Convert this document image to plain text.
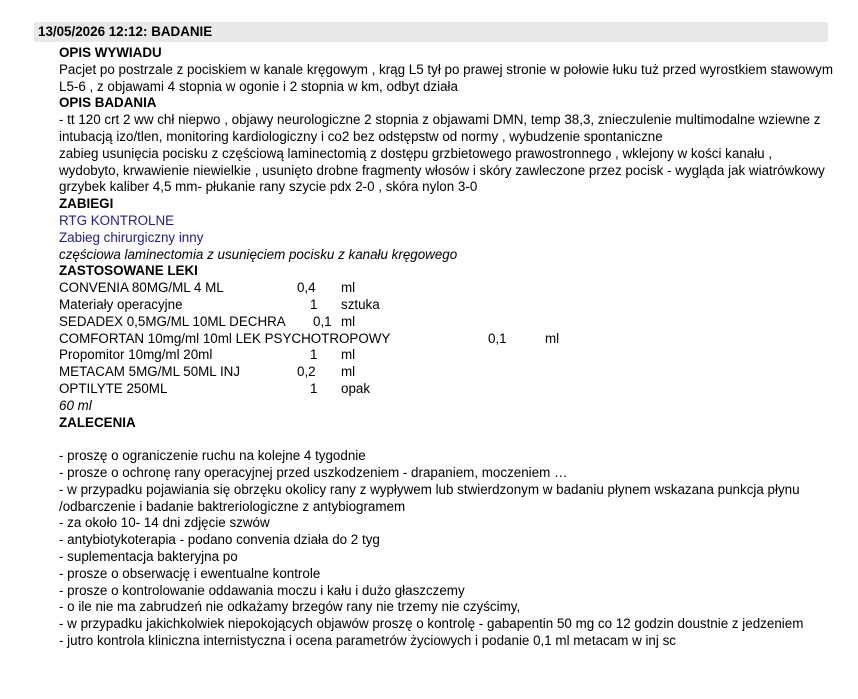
13/05/2026 12:12: BADANIE
OPIS WYWIADU

Pacjet po postrzale z pociskiem w kanale kręgowym , krąg L5 tył po prawej stronie w połowie łuku tuż przed wyrostkiem stawowym L5-6 , z objawami 4 stopnia w ogonie i 2 stopnia w km, odbyt działa

OPIS BADANIA

- tt 120 crt 2 ww chł niepwo , objawy neurologiczne 2 stopnia z objawami DMN, temp 38,3, znieczulenie multimodalne wziewne z intubacją izo/tlen, monitoring kardiologiczny i co2 bez odstępstw od normy , wybudzenie spontaniczne

zabieg usunięcia pocisku z częściową laminectomią z dostępu grzbietowego prawostronnego , wklejony w kości kanału , wydobyto, krwawienie niewielkie , usunięto drobne fragmenty włosów i skóry zawleczone przez pocisk - wygląda jak wiatrówkowy grzybek kaliber 4,5 mm- płukanie rany szycie pdx 2-0 , skóra nylon 3-0

ZABIEGI
RTG KONTROLNE
Zabieg chirurgiczny inny
częściowa laminectomia z usunięciem pocisku z kanału kręgowego
ZASTOSOWANE LEKI
CONVENIA 80MG/ML 4 ML	0,4 ml
Materiały operacyjne	1 sztuka
SEDADEX 0,5MG/ML 10ML DECHRA 0,1 ml
COMFORTAN 10mg/ml 10ml LEK PSYCHOTROPOWY	0,1	ml
Propomitor 10mg/ml 20ml	1 ml
METACAM 5MG/ML 50ML INJ	0,2 ml
OPTILYTE 250ML	1 opak
60 ml
ZALECENIA
- proszę o ograniczenie ruchu na kolejne 4 tygodnie
- prosze o ochronę rany operacyjnej przed uszkodzeniem - drapaniem, moczeniem …
- w przypadku pojawiania się obrzęku okolicy rany z wypływem lub stwierdzonym w badaniu płynem wskazana punkcja płynu /odbarczenie i badanie baktreriologiczne z antybiogramem
- za około 10- 14 dni zdjęcie szwów
- antybiotykoterapia - podano convenia działa do 2 tyg
- suplementacja bakteryjna po
- prosze o obserwację i ewentualne kontrole
- prosze o kontrolowanie oddawania moczu i kału i dużo głaszczemy
- o ile nie ma zabrudzeń nie odkażamy brzegów rany nie trzemy nie czyścimy,
- w przypadku jakichkolwiek niepokojących objawów proszę o kontrolę - gabapentin 50 mg co 12 godzin doustnie z jedzeniem
- jutro kontrola kliniczna internistyczna i ocena parametrów życiowych i podanie 0,1 ml metacam w inj sc
